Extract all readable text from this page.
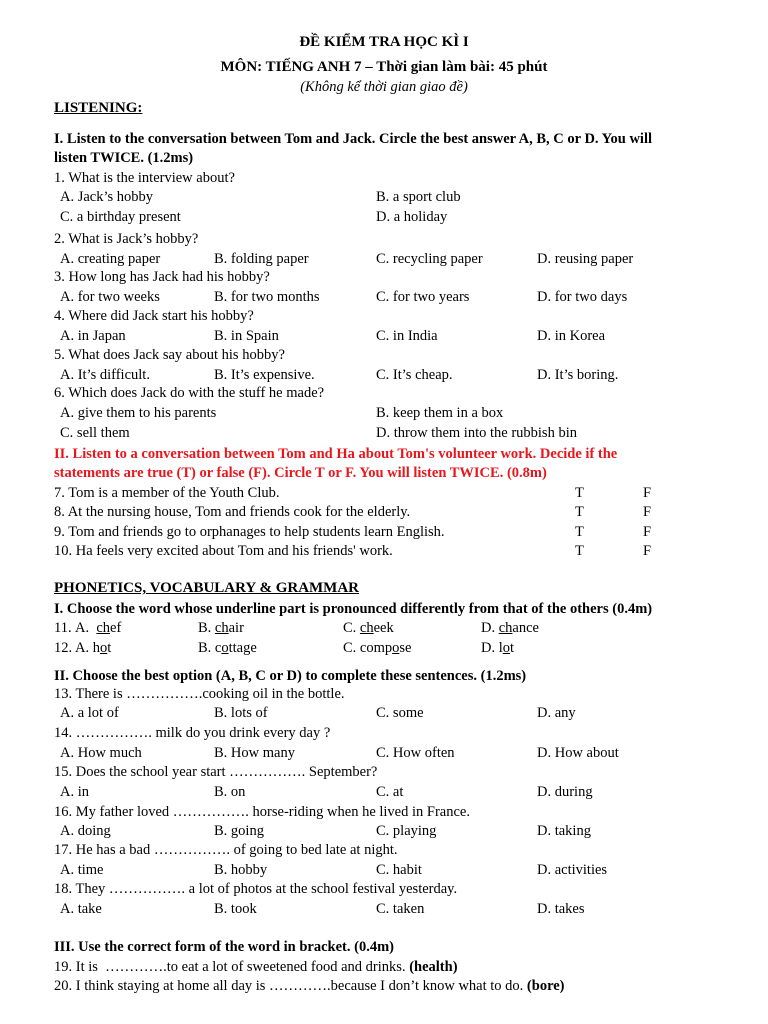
ĐỀ KIỂM TRA HỌC KÌ I
MÔN: TIẾNG ANH 7 – Thời gian làm bài: 45 phút
(Không kể thời gian giao đề)
LISTENING:
I. Listen to the conversation between Tom and Jack. Circle the best answer A, B, C or D. You will
listen TWICE. (1.2ms)
1. What is the interview about?
A. Jack’s hobby	B. a sport club
C. a birthday present	D. a holiday
2. What is Jack’s hobby?
A. creating paper	B. folding paper	C. recycling paper	D. reusing paper
3. How long has Jack had his hobby?
A. for two weeks	B. for two months	C. for two years	D. for two days
4. Where did Jack start his hobby?
A. in Japan	B. in Spain	C. in India	D. in Korea
5. What does Jack say about his hobby?
A. It’s difficult.	B. It’s expensive.	C. It’s cheap.	D. It’s boring.
6. Which does Jack do with the stuff he made?
A. give them to his parents	B. keep them in a box
C. sell them	D. throw them into the rubbish bin
II. Listen to a conversation between Tom and Ha about Tom's volunteer work. Decide if the
statements are true (T) or false (F). Circle T or F. You will listen TWICE. (0.8m)
7. Tom is a member of the Youth Club.	T	F
8. At the nursing house, Tom and friends cook for the elderly.	T	F
9. Tom and friends go to orphanages to help students learn English.	T	F
10. Ha feels very excited about Tom and his friends' work.	T	F
PHONETICS, VOCABULARY & GRAMMAR
I. Choose the word whose underline part is pronounced differently from that of the others (0.4m)
11. A.  chef	B. chair	C. cheek	D. chance
12. A. hot	B. cottage	C. compose	D. lot
II. Choose the best option (A, B, C or D) to complete these sentences. (1.2ms)
13. There is …………….cooking oil in the bottle.
A. a lot of	B. lots of	C. some	D. any
14. ……………. milk do you drink every day ?
A. How much	B. How many	C. How often	D. How about
15. Does the school year start ……………. September?
A. in	B. on	C. at	D. during
16. My father loved ……………. horse-riding when he lived in France.
A. doing	B. going	C. playing	D. taking
17. He has a bad ……………. of going to bed late at night.
A. time	B. hobby	C. habit	D. activities
18. They ……………. a lot of photos at the school festival yesterday.
A. take	B. took	C. taken	D. takes
III. Use the correct form of the word in bracket. (0.4m)
19. It is  ………….to eat a lot of sweetened food and drinks. (health)
20. I think staying at home all day is ………….because I don’t know what to do. (bore)
